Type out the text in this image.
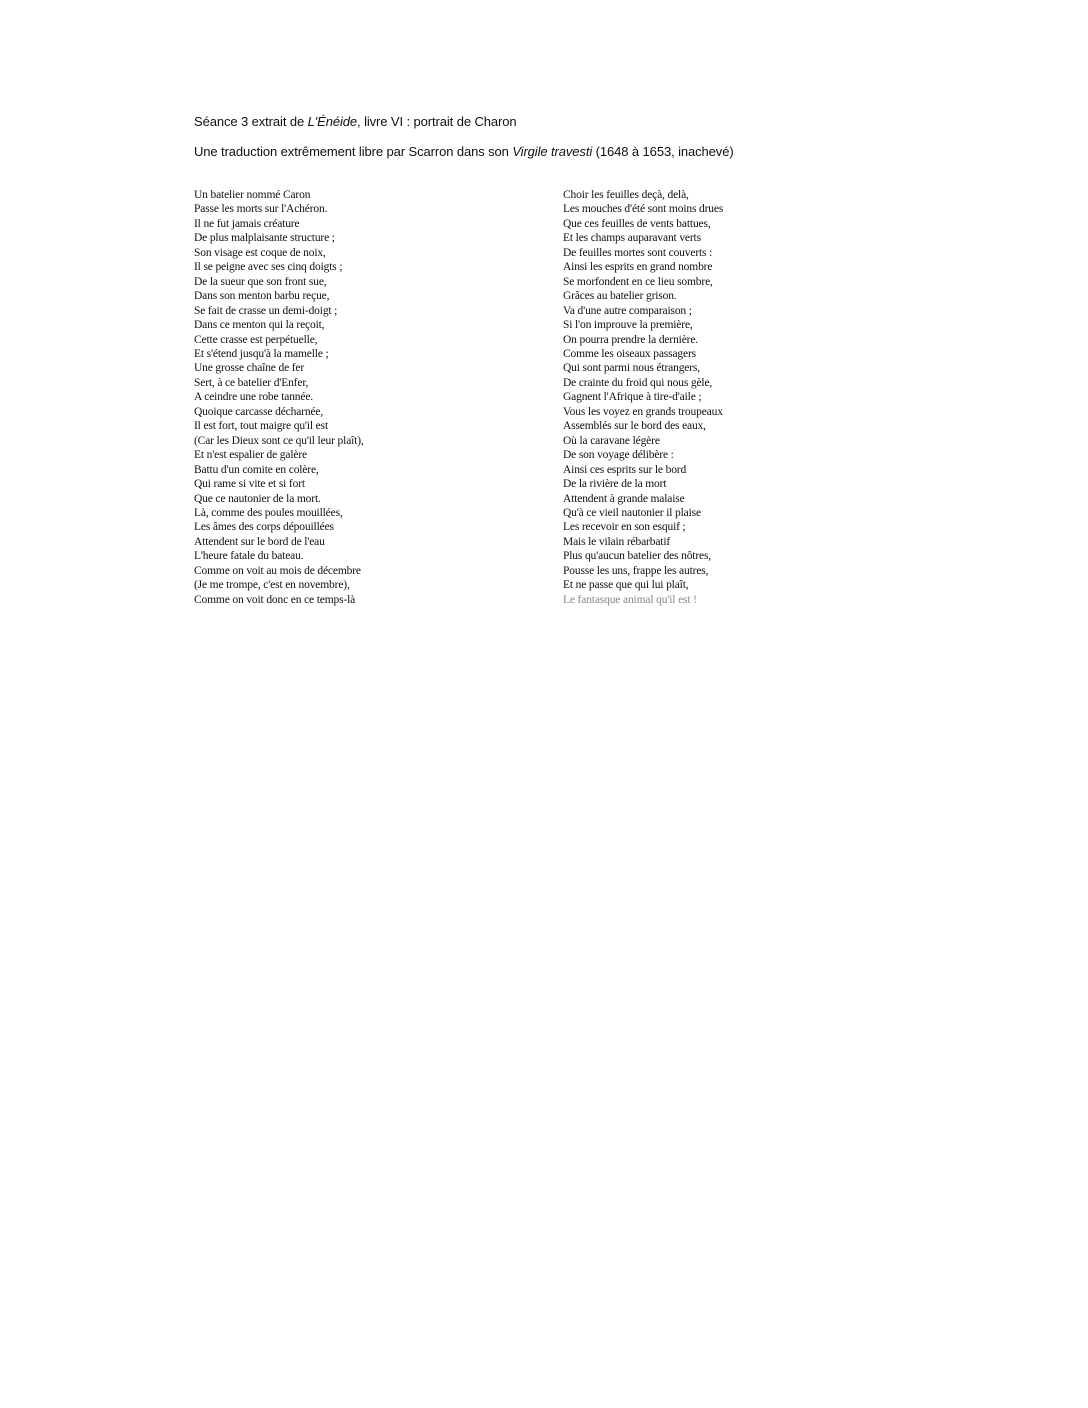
Séance 3 extrait de L'Énéide, livre VI : portrait de Charon

Une traduction extrêmement libre par Scarron dans son Virgile travesti (1648 à 1653, inachevé)

Un batelier nommé Caron
Passe les morts sur l'Achéron.
Il ne fut jamais créature
De plus malplaisante structure ;
Son visage est coque de noix,
Il se peigne avec ses cinq doigts ;
De la sueur que son front sue,
Dans son menton barbu reçue,
Se fait de crasse un demi-doigt ;
Dans ce menton qui la reçoit,
Cette crasse est perpétuelle,
Et s'étend jusqu'à la mamelle ;
Une grosse chaîne de fer
Sert, à ce batelier d'Enfer,
A ceindre une robe tannée.
Quoique carcasse décharnée,
Il est fort, tout maigre qu'il est
(Car les Dieux sont ce qu'il leur plaît),
Et n'est espalier de galère
Battu d'un comite en colère,
Qui rame si vite et si fort
Que ce nautonier de la mort.
Là, comme des poules mouillées,
Les âmes des corps dépouillées
Attendent sur le bord de l'eau
L'heure fatale du bateau.
Comme on voit au mois de décembre
(Je me trompe, c'est en novembre),
Comme on voit donc en ce temps-là
Choir les feuilles deçà, delà,
Les mouches d'été sont moins drues
Que ces feuilles de vents battues,
Et les champs auparavant verts
De feuilles mortes sont couverts :
Ainsi les esprits en grand nombre
Se morfondent en ce lieu sombre,
Grâces au batelier grison.
Va d'une autre comparaison ;
Si l'on improuve la première,
On pourra prendre la dernière.
Comme les oiseaux passagers
Qui sont parmi nous étrangers,
De crainte du froid qui nous gèle,
Gagnent l'Afrique à tire-d'aile ;
Vous les voyez en grands troupeaux
Assemblés sur le bord des eaux,
Où la caravane légère
De son voyage délibère :
Ainsi ces esprits sur le bord
De la rivière de la mort
Attendent à grande malaise
Qu'à ce vieil nautonier il plaise
Les recevoir en son esquif ;
Mais le vilain rébarbatif
Plus qu'aucun batelier des nôtres,
Pousse les uns, frappe les autres,
Et ne passe que qui lui plaît,
Le fantasque animal qu'il est !
